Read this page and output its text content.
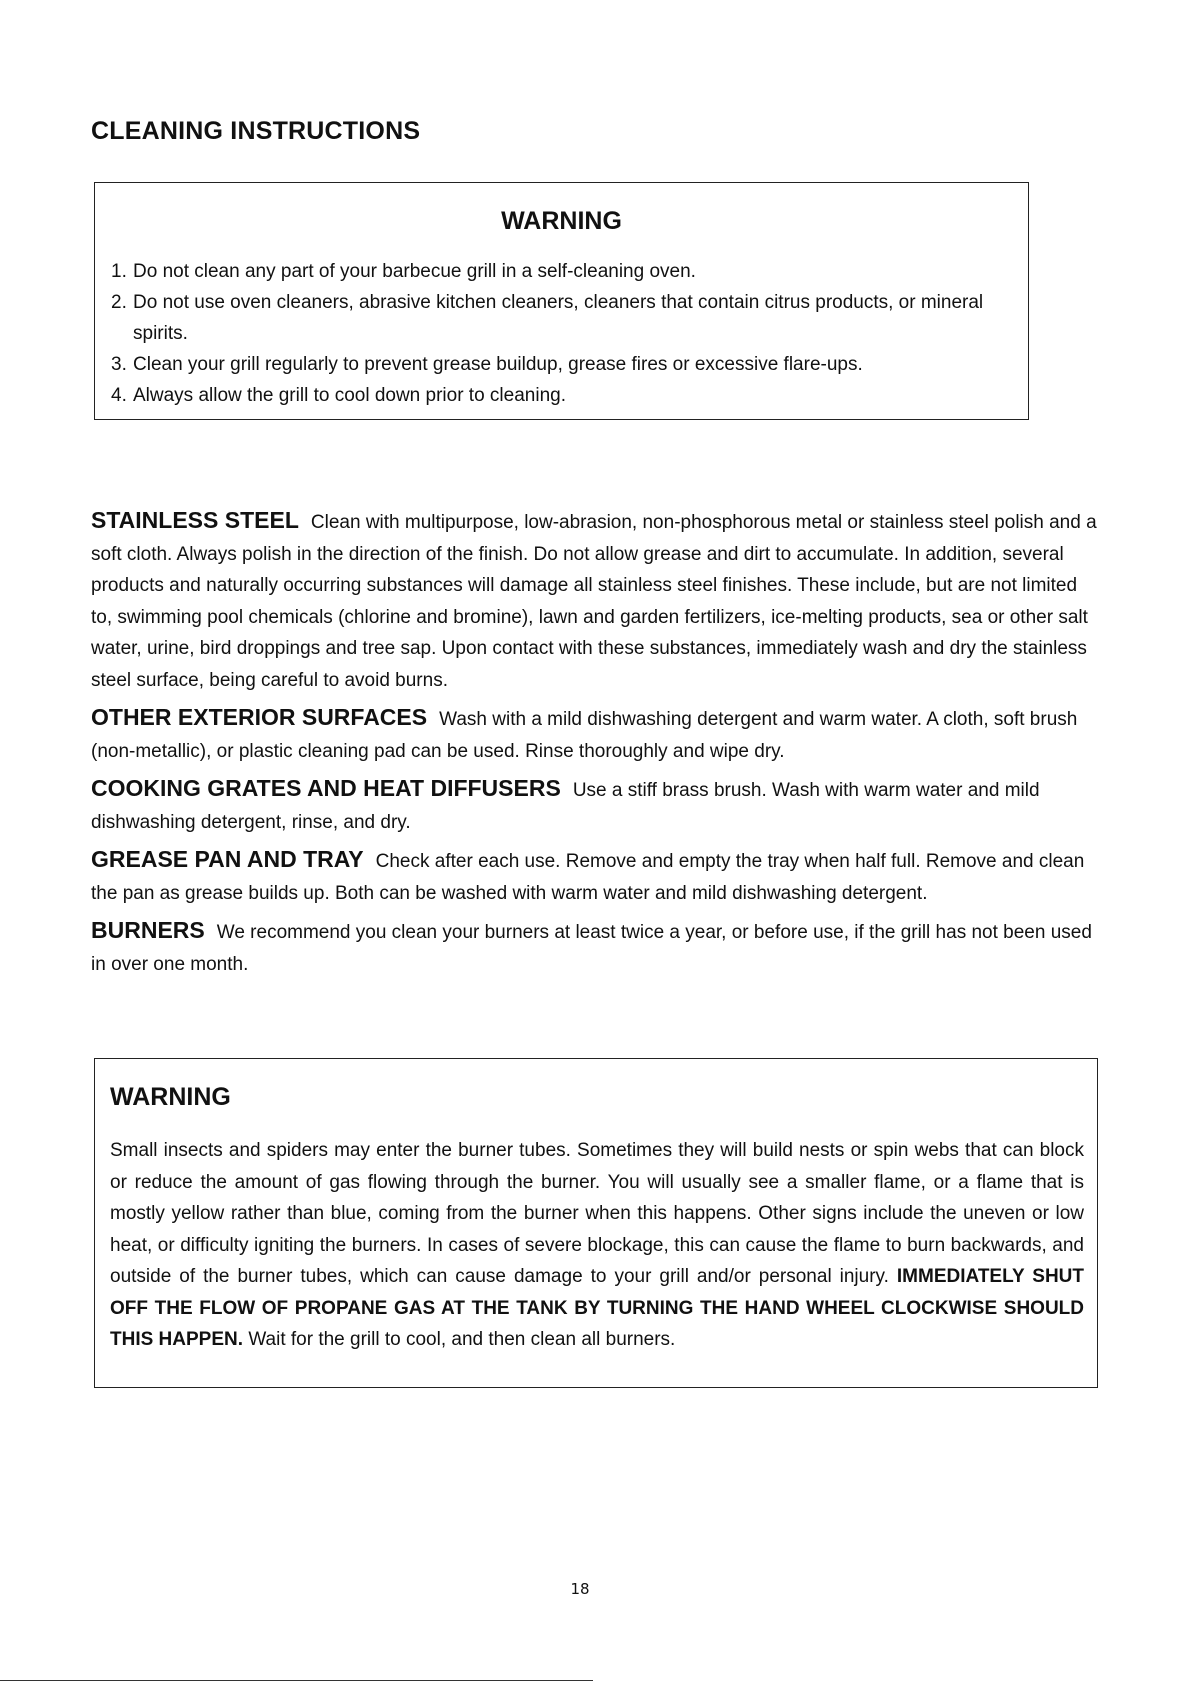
CLEANING INSTRUCTIONS
WARNING
1. Do not clean any part of your barbecue grill in a self-cleaning oven.
2. Do not use oven cleaners, abrasive kitchen cleaners, cleaners that contain citrus products, or mineral spirits.
3. Clean your grill regularly to prevent grease buildup, grease fires or excessive flare-ups.
4. Always allow the grill to cool down prior to cleaning.

STAINLESS STEEL Clean with multipurpose, low-abrasion, non-phosphorous metal or stainless steel polish and a soft cloth. Always polish in the direction of the finish. Do not allow grease and dirt to accumulate. In addition, several products and naturally occurring substances will damage all stainless steel finishes. These include, but are not limited to, swimming pool chemicals (chlorine and bromine), lawn and garden fertilizers, ice-melting products, sea or other salt water, urine, bird droppings and tree sap. Upon contact with these substances, immediately wash and dry the stainless steel surface, being careful to avoid burns.

OTHER EXTERIOR SURFACES Wash with a mild dishwashing detergent and warm water. A cloth, soft brush (non-metallic), or plastic cleaning pad can be used. Rinse thoroughly and wipe dry.

COOKING GRATES AND HEAT DIFFUSERS Use a stiff brass brush. Wash with warm water and mild dishwashing detergent, rinse, and dry.

GREASE PAN AND TRAY Check after each use. Remove and empty the tray when half full. Remove and clean the pan as grease builds up. Both can be washed with warm water and mild dishwashing detergent.

BURNERS We recommend you clean your burners at least twice a year, or before use, if the grill has not been used in over one month.

WARNING

Small insects and spiders may enter the burner tubes. Sometimes they will build nests or spin webs that can block or reduce the amount of gas flowing through the burner. You will usually see a smaller flame, or a flame that is mostly yellow rather than blue, coming from the burner when this happens. Other signs include the uneven or low heat, or difficulty igniting the burners. In cases of severe blockage, this can cause the flame to burn backwards, and outside of the burner tubes, which can cause damage to your grill and/or personal injury. IMMEDIATELY SHUT OFF THE FLOW OF PROPANE GAS AT THE TANK BY TURNING THE HAND WHEEL CLOCKWISE SHOULD THIS HAPPEN. Wait for the grill to cool, and then clean all burners.

18
